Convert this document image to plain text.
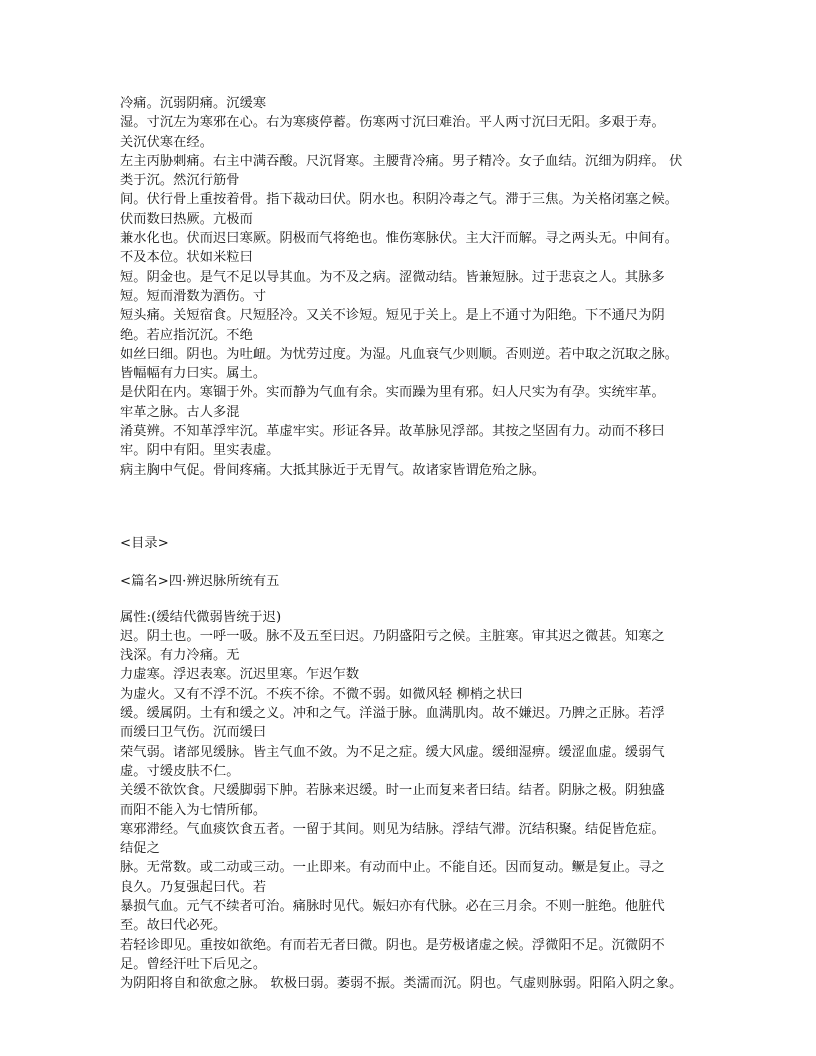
冷痛。沉弱阴痛。沉缓寒
湿。寸沉左为寒邪在心。右为寒痰停蓄。伤寒两寸沉曰难治。平人两寸沉曰无阳。多艰于寿。
关沉伏寒在经。
左主丙胁刺痛。右主中满吞酸。尺沉肾寒。主腰背冷痛。男子精冷。女子血结。沉细为阴痒。 伏
类于沉。然沉行筋骨
间。伏行骨上重按着骨。指下裁动曰伏。阴水也。积阴冷毒之气。滞于三焦。为关格闭塞之候。
伏而数曰热厥。亢极而
兼水化也。伏而迟曰寒厥。阴极而气将绝也。惟伤寒脉伏。主大汗而解。寻之两头无。中间有。
不及本位。状如米粒曰
短。阴金也。是气不足以导其血。为不及之病。涩微动结。皆兼短脉。过于悲哀之人。其脉多
短。短而滑数为酒伤。寸
短头痛。关短宿食。尺短胫冷。又关不诊短。短见于关上。是上不通寸为阳绝。下不通尺为阴
绝。若应指沉沉。不绝
如丝曰细。阴也。为吐衄。为忧劳过度。为湿。凡血衰气少则顺。否则逆。若中取之沉取之脉。
皆幅幅有力曰实。属土。
是伏阳在内。寒锢于外。实而静为气血有余。实而躁为里有邪。妇人尺实为有孕。实统牢革。
牢革之脉。古人多混
淆莫辨。不知革浮牢沉。革虚牢实。形证各异。故革脉见浮部。其按之坚固有力。动而不移曰
牢。阴中有阳。里实表虚。
病主胸中气促。骨间疼痛。大抵其脉近于无胃气。故诸家皆谓危殆之脉。
<目录>
<篇名>四·辨迟脉所统有五
属性:(缓结代微弱皆统于迟)
迟。阴土也。一呼一吸。脉不及五至曰迟。乃阴盛阳亏之候。主脏寒。审其迟之微甚。知寒之
浅深。有力冷痛。无
力虚寒。浮迟表寒。沉迟里寒。乍迟乍数
为虚火。又有不浮不沉。不疾不徐。不微不弱。如微风轻 柳梢之状曰
缓。缓属阴。土有和缓之义。冲和之气。洋溢于脉。血满肌肉。故不嫌迟。乃脾之正脉。若浮
而缓曰卫气伤。沉而缓曰
荣气弱。诸部见缓脉。皆主气血不敛。为不足之症。缓大风虚。缓细湿痹。缓涩血虚。缓弱气
虚。寸缓皮肤不仁。
关缓不欲饮食。尺缓脚弱下肿。若脉来迟缓。时一止而复来者曰结。结者。阴脉之极。阴独盛
而阳不能入为七情所郁。
寒邪滞经。气血痰饮食五者。一留于其间。则见为结脉。浮结气滞。沉结积聚。结促皆危症。
结促之
脉。无常数。或二动或三动。一止即来。有动而中止。不能自还。因而复动。鳜是复止。寻之
良久。乃复强起曰代。若
暴损气血。元气不续者可治。痛脉时见代。娠妇亦有代脉。必在三月余。不则一脏绝。他脏代
至。故曰代必死。
若轻诊即见。重按如欲绝。有而若无者曰微。阴也。是劳极诸虚之候。浮微阳不足。沉微阴不
足。曾经汗吐下后见之。
为阴阳将自和欲愈之脉。 软极曰弱。萎弱不振。类濡而沉。阴也。气虚则脉弱。阳陷入阴之象。
